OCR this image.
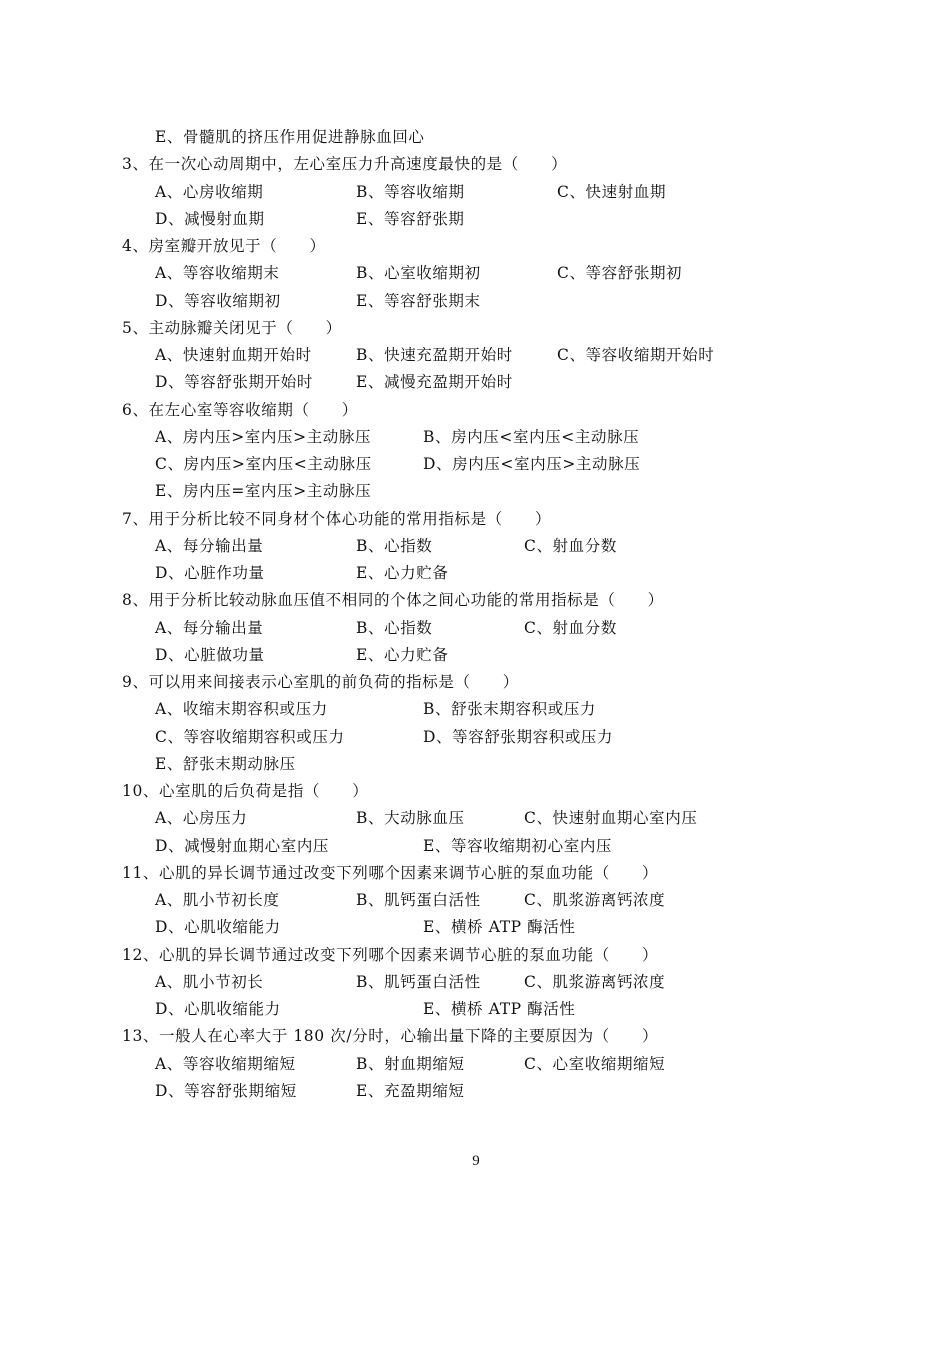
E、骨髓肌的挤压作用促进静脉血回心
3、在一次心动周期中，左心室压力升高速度最快的是（　　）
A、心房收缩期	B、等容收缩期	C、快速射血期
D、减慢射血期	E、等容舒张期
4、房室瓣开放见于（　　）
A、等容收缩期末	B、心室收缩期初	C、等容舒张期初
D、等容收缩期初	E、等容舒张期末
5、主动脉瓣关闭见于（　　）
A、快速射血期开始时	B、快速充盈期开始时	C、等容收缩期开始时
D、等容舒张期开始时	E、减慢充盈期开始时
6、在左心室等容收缩期（　　）
A、房内压>室内压>主动脉压	B、房内压<室内压<主动脉压
C、房内压>室内压<主动脉压	D、房内压<室内压>主动脉压
E、房内压=室内压>主动脉压
7、用于分析比较不同身材个体心功能的常用指标是（　　）
A、每分输出量	B、心指数	C、射血分数
D、心脏作功量	E、心力贮备
8、用于分析比较动脉血压值不相同的个体之间心功能的常用指标是（　　）
A、每分输出量	B、心指数	C、射血分数
D、心脏做功量	E、心力贮备
9、可以用来间接表示心室肌的前负荷的指标是（　　）
A、收缩末期容积或压力	B、舒张末期容积或压力
C、等容收缩期容积或压力	D、等容舒张期容积或压力
E、舒张末期动脉压
10、心室肌的后负荷是指（　　）
A、心房压力	B、大动脉血压	C、快速射血期心室内压
D、减慢射血期心室内压	E、等容收缩期初心室内压
11、心肌的异长调节通过改变下列哪个因素来调节心脏的泵血功能（　　）
A、肌小节初长度	B、肌钙蛋白活性	C、肌浆游离钙浓度
D、心肌收缩能力	E、横桥 ATP 酶活性
12、心肌的异长调节通过改变下列哪个因素来调节心脏的泵血功能（　　）
A、肌小节初长	B、肌钙蛋白活性	C、肌浆游离钙浓度
D、心肌收缩能力	E、横桥 ATP 酶活性
13、一般人在心率大于 180 次/分时，心输出量下降的主要原因为（　　）
A、等容收缩期缩短	B、射血期缩短	C、心室收缩期缩短
D、等容舒张期缩短	E、充盈期缩短
9
